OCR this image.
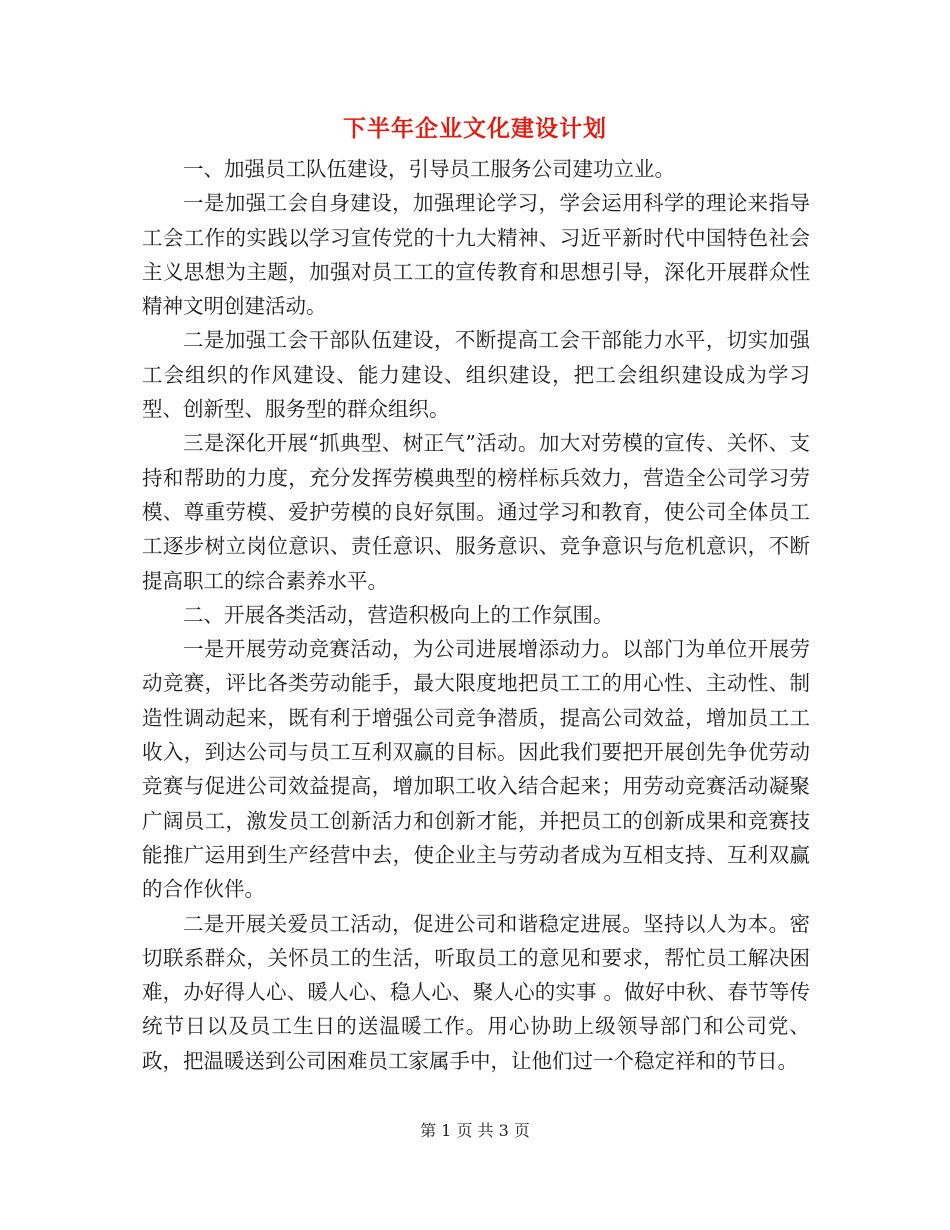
下半年企业文化建设计划

一、加强员工队伍建设，引导员工服务公司建功立业。

一是加强工会自身建设，加强理论学习，学会运用科学的理论来指导工会工作的实践以学习宣传党的十九大精神、习近平新时代中国特色社会主义思想为主题，加强对员工工的宣传教育和思想引导，深化开展群众性精神文明创建活动。

二是加强工会干部队伍建设，不断提高工会干部能力水平，切实加强工会组织的作风建设、能力建设、组织建设，把工会组织建设成为学习型、创新型、服务型的群众组织。

三是深化开展“抓典型、树正气”活动。加大对劳模的宣传、关怀、支持和帮助的力度，充分发挥劳模典型的榜样标兵效力，营造全公司学习劳模、尊重劳模、爱护劳模的良好氛围。通过学习和教育，使公司全体员工工逐步树立岗位意识、责任意识、服务意识、竞争意识与危机意识，不断提高职工的综合素养水平。

二、开展各类活动，营造积极向上的工作氛围。

一是开展劳动竞赛活动，为公司进展增添动力。以部门为单位开展劳动竞赛，评比各类劳动能手，最大限度地把员工工的用心性、主动性、制造性调动起来，既有利于增强公司竞争潜质，提高公司效益，增加员工工收入，到达公司与员工互利双赢的目标。因此我们要把开展创先争优劳动竞赛与促进公司效益提高，增加职工收入结合起来；用劳动竞赛活动凝聚广阔员工，激发员工创新活力和创新才能，并把员工的创新成果和竞赛技能推广运用到生产经营中去，使企业主与劳动者成为互相支持、互利双赢的合作伙伴。

二是开展关爱员工活动，促进公司和谐稳定进展。坚持以人为本。密切联系群众，关怀员工的生活，听取员工的意见和要求，帮忙员工解决困难，办好得人心、暖人心、稳人心、聚人心的实事 。做好中秋、春节等传统节日以及员工生日的送温暖工作。用心协助上级领导部门和公司党、政，把温暖送到公司困难员工家属手中，让他们过一个稳定祥和的节日。

第 1 页 共 3 页
